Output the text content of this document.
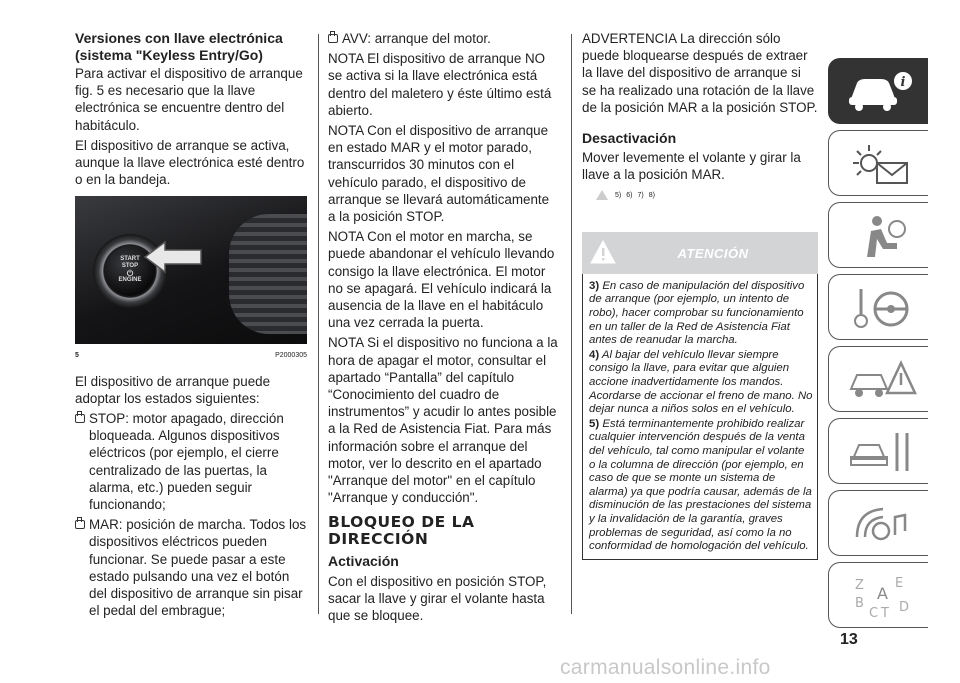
Versiones con llave electrónica (sistema "Keyless Entry/Go)

Para activar el dispositivo de arranque fig. 5 es necesario que la llave electrónica se encuentre dentro del habitáculo.

El dispositivo de arranque se activa, aunque la llave electrónica esté dentro o en la bandeja.

START
STOP
⏻
ENGINE
5	P2000305

El dispositivo de arranque puede adoptar los estados siguientes:

STOP: motor apagado, dirección bloqueada. Algunos dispositivos eléctricos (por ejemplo, el cierre centralizado de las puertas, la alarma, etc.) pueden seguir funcionando;

MAR: posición de marcha. Todos los dispositivos eléctricos pueden funcionar. Se puede pasar a este estado pulsando una vez el botón del dispositivo de arranque sin pisar el pedal del embrague;

AVV: arranque del motor.

NOTA El dispositivo de arranque NO se activa si la llave electrónica está dentro del maletero y éste último está abierto.

NOTA Con el dispositivo de arranque en estado MAR y el motor parado, transcurridos 30 minutos con el vehículo parado, el dispositivo de arranque se llevará automáticamente a la posición STOP.

NOTA Con el motor en marcha, se puede abandonar el vehículo llevando consigo la llave electrónica. El motor no se apagará. El vehículo indicará la ausencia de la llave en el habitáculo una vez cerrada la puerta.

NOTA Si el dispositivo no funciona a la hora de apagar el motor, consultar el apartado “Pantalla” del capítulo “Conocimiento del cuadro de instrumentos” y acudir lo antes posible a la Red de Asistencia Fiat. Para más información sobre el arranque del motor, ver lo descrito en el apartado "Arranque del motor" en el capítulo "Arranque y conducción".

BLOQUEO DE LA DIRECCIÓN
Activación

Con el dispositivo en posición STOP, sacar la llave y girar el volante hasta que se bloquee.

ADVERTENCIA La dirección sólo puede bloquearse después de extraer la llave del dispositivo de arranque si se ha realizado una rotación de la llave de la posición MAR a la posición STOP.

Desactivación

Mover levemente el volante y girar la llave a la posición MAR.

5) 6) 7) 8)
ATENCIÓN

3) En caso de manipulación del dispositivo de arranque (por ejemplo, un intento de robo), hacer comprobar su funcionamiento en un taller de la Red de Asistencia Fiat antes de reanudar la marcha.

4) Al bajar del vehículo llevar siempre consigo la llave, para evitar que alguien accione inadvertidamente los mandos. Acordarse de accionar el freno de mano. No dejar nunca a niños solos en el vehículo.

5) Está terminantemente prohibido realizar cualquier intervención después de la venta del vehículo, tal como manipular el volante o la columna de dirección (por ejemplo, en caso de que se monte un sistema de alarma) ya que podría causar, además de la disminución de las prestaciones del sistema y la invalidación de la garantía, graves problemas de seguridad, así como la no conformidad de homologación del vehículo.

i
Z E
A
B
C T D
13
carmanualsonline.info
